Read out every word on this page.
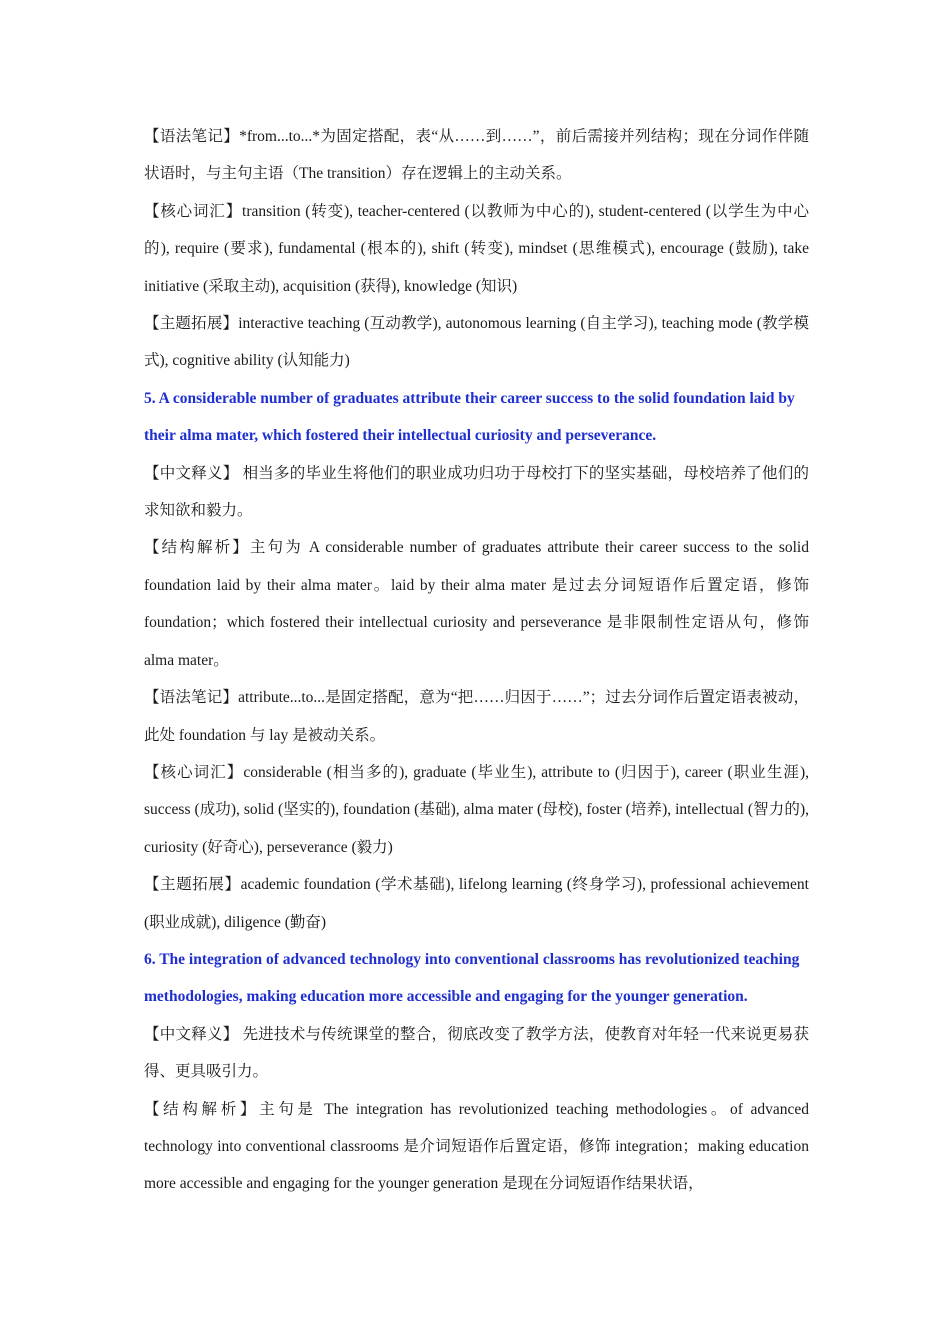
【语法笔记】*from...to...*为固定搭配，表“从……到……”，前后需接并列结构；现在分词作伴随状语时，与主句主语（The transition）存在逻辑上的主动关系。

【核心词汇】transition (转变), teacher-centered (以教师为中心的), student-centered (以学生为中心的), require (要求), fundamental (根本的), shift (转变), mindset (思维模式), encourage (鼓励), take initiative (采取主动), acquisition (获得), knowledge (知识)

【主题拓展】interactive teaching (互动教学), autonomous learning (自主学习), teaching mode (教学模式), cognitive ability (认知能力)

5. A considerable number of graduates attribute their career success to the solid foundation laid by their alma mater, which fostered their intellectual curiosity and perseverance.

【中文释义】 相当多的毕业生将他们的职业成功归功于母校打下的坚实基础，母校培养了他们的求知欲和毅力。

【结构解析】主句为 A considerable number of graduates attribute their career success to the solid foundation laid by their alma mater。laid by their alma mater 是过去分词短语作后置定语，修饰 foundation；which fostered their intellectual curiosity and perseverance 是非限制性定语从句，修饰 alma mater。

【语法笔记】attribute...to...是固定搭配，意为“把……归因于……”；过去分词作后置定语表被动，此处 foundation 与 lay 是被动关系。

【核心词汇】considerable (相当多的), graduate (毕业生), attribute to (归因于), career (职业生涯), success (成功), solid (坚实的), foundation (基础), alma mater (母校), foster (培养), intellectual (智力的), curiosity (好奇心), perseverance (毅力)

【主题拓展】academic foundation (学术基础), lifelong learning (终身学习), professional achievement (职业成就), diligence (勤奋)

6. The integration of advanced technology into conventional classrooms has revolutionized teaching methodologies, making education more accessible and engaging for the younger generation.

【中文释义】 先进技术与传统课堂的整合，彻底改变了教学方法，使教育对年轻一代来说更易获得、更具吸引力。

【结构解析】主句是 The integration has revolutionized teaching methodologies。of advanced technology into conventional classrooms 是介词短语作后置定语，修饰 integration；making education more accessible and engaging for the younger generation 是现在分词短语作结果状语，
